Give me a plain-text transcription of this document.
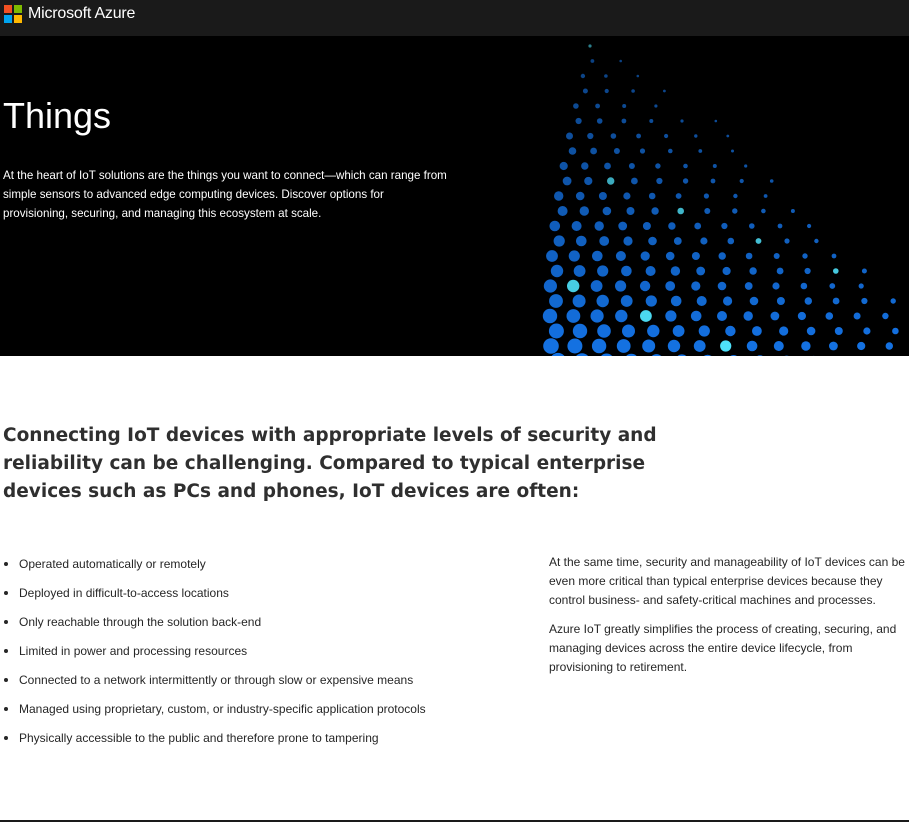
Microsoft Azure
Things

At the heart of IoT solutions are the things you want to connect—which can range from simple sensors to advanced edge computing devices. Discover options for provisioning, securing, and managing this ecosystem at scale.

Connecting IoT devices with appropriate levels of security and reliability can be challenging. Compared to typical enterprise devices such as PCs and phones, IoT devices are often:
Operated automatically or remotely
Deployed in difficult-to-access locations
Only reachable through the solution back-end
Limited in power and processing resources
Connected to a network intermittently or through slow or expensive means
Managed using proprietary, custom, or industry-specific application protocols
Physically accessible to the public and therefore prone to tampering

At the same time, security and manageability of IoT devices can be even more critical than typical enterprise devices because they control business- and safety-critical machines and processes.

Azure IoT greatly simplifies the process of creating, securing, and managing devices across the entire device lifecycle, from provisioning to retirement.
